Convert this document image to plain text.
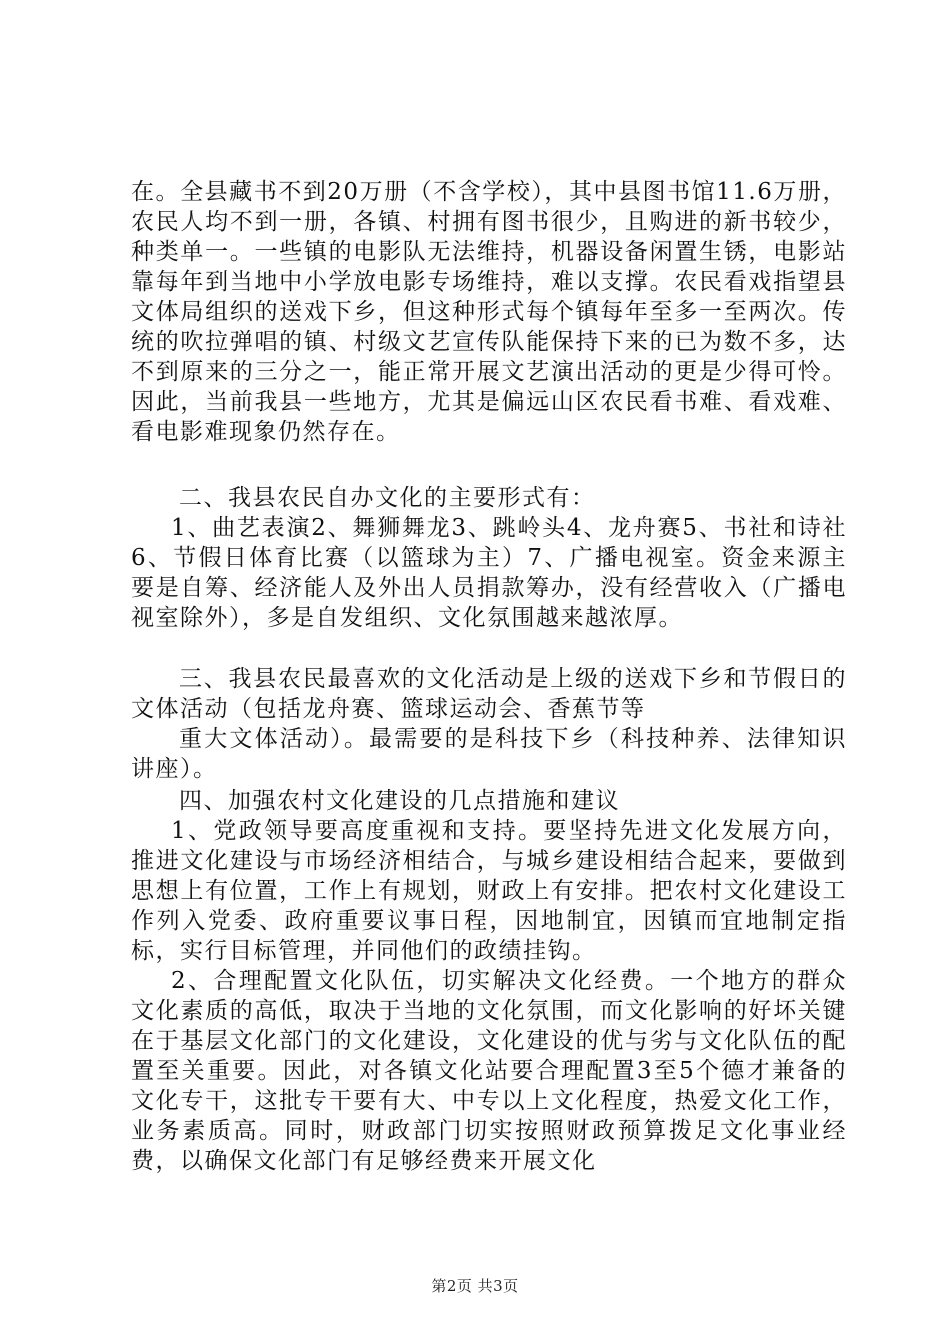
在。全县藏书不到20万册（不含学校），其中县图书馆11.6万册，农民人均不到一册，各镇、村拥有图书很少，且购进的新书较少，种类单一。一些镇的电影队无法维持，机器设备闲置生锈，电影站靠每年到当地中小学放电影专场维持，难以支撑。农民看戏指望县文体局组织的送戏下乡，但这种形式每个镇每年至多一至两次。传统的吹拉弹唱的镇、村级文艺宣传队能保持下来的已为数不多，达不到原来的三分之一，能正常开展文艺演出活动的更是少得可怜。因此，当前我县一些地方，尤其是偏远山区农民看书难、看戏难、看电影难现象仍然存在。

二、我县农民自办文化的主要形式有：

1、曲艺表演2、舞狮舞龙3、跳岭头4、龙舟赛5、书社和诗社6、节假日体育比赛（以篮球为主）7、广播电视室。资金来源主要是自筹、经济能人及外出人员捐款筹办，没有经营收入（广播电视室除外），多是自发组织、文化氛围越来越浓厚。

三、我县农民最喜欢的文化活动是上级的送戏下乡和节假日的文体活动（包括龙舟赛、篮球运动会、香蕉节等

重大文体活动）。最需要的是科技下乡（科技种养、法律知识讲座）。

四、加强农村文化建设的几点措施和建议

1、党政领导要高度重视和支持。要坚持先进文化发展方向，推进文化建设与市场经济相结合，与城乡建设相结合起来，要做到思想上有位置，工作上有规划，财政上有安排。把农村文化建设工作列入党委、政府重要议事日程，因地制宜，因镇而宜地制定指标，实行目标管理，并同他们的政绩挂钩。

2、合理配置文化队伍，切实解决文化经费。一个地方的群众文化素质的高低，取决于当地的文化氛围，而文化影响的好坏关键在于基层文化部门的文化建设，文化建设的优与劣与文化队伍的配置至关重要。因此，对各镇文化站要合理配置3至5个德才兼备的文化专干，这批专干要有大、中专以上文化程度，热爱文化工作，业务素质高。同时，财政部门切实按照财政预算拨足文化事业经费，以确保文化部门有足够经费来开展文化

第2页 共3页
